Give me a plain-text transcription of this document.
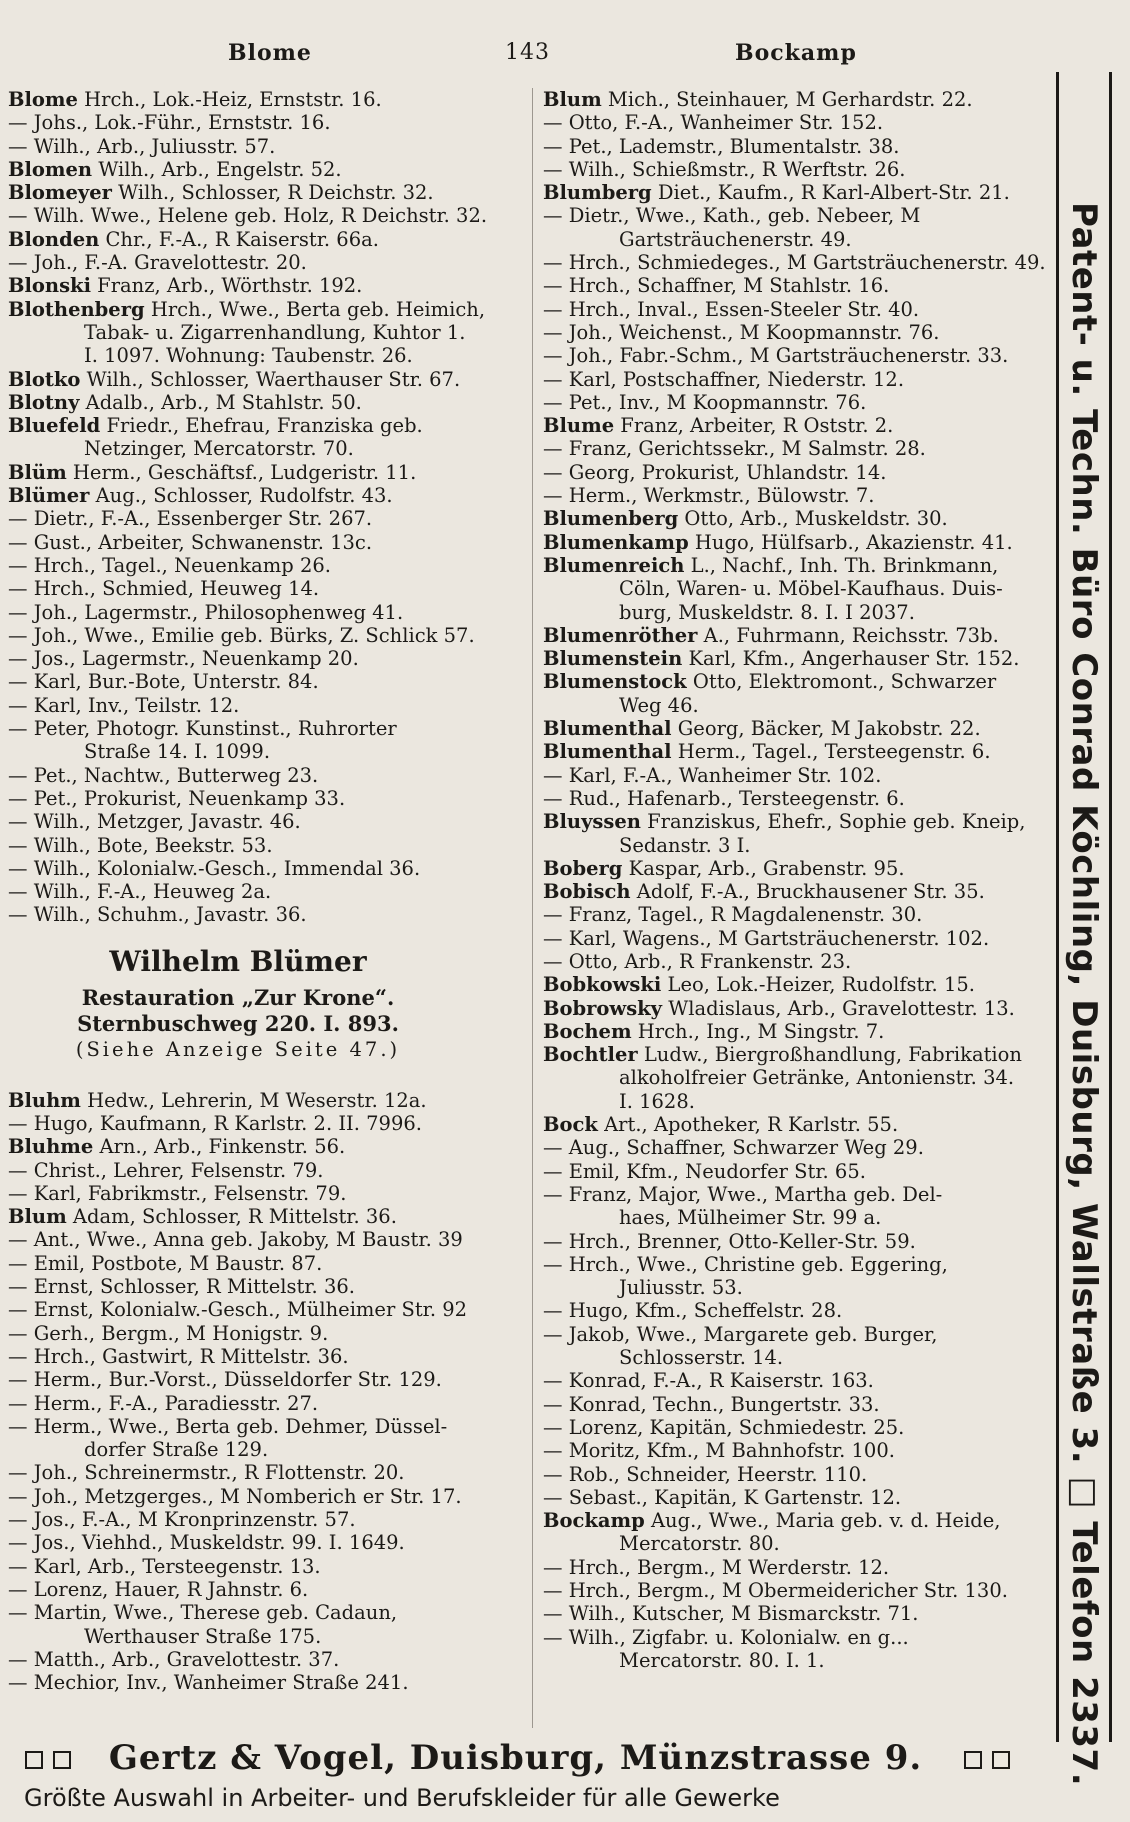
Blome	143	Bockamp
Blome Hrch., Lok.-Heiz, Ernststr. 16.
— Johs., Lok.-Führ., Ernststr. 16.
— Wilh., Arb., Juliusstr. 57.
Blomen Wilh., Arb., Engelstr. 52.
Blomeyer Wilh., Schlosser, R Deichstr. 32.
— Wilh. Wwe., Helene geb. Holz, R Deichstr. 32.
Blonden Chr., F.-A., R Kaiserstr. 66a.
— Joh., F.-A. Gravelottestr. 20.
Blonski Franz, Arb., Wörthstr. 192.
Blothenberg Hrch., Wwe., Berta geb. Heimich,
Tabak- u. Zigarrenhandlung, Kuhtor 1.
I. 1097. Wohnung: Taubenstr. 26.
Blotko Wilh., Schlosser, Waerthauser Str. 67.
Blotny Adalb., Arb., M Stahlstr. 50.
Bluefeld Friedr., Ehefrau, Franziska geb.
Netzinger, Mercatorstr. 70.
Blüm Herm., Geschäftsf., Ludgeristr. 11.
Blümer Aug., Schlosser, Rudolfstr. 43.
— Dietr., F.-A., Essenberger Str. 267.
— Gust., Arbeiter, Schwanenstr. 13c.
— Hrch., Tagel., Neuenkamp 26.
— Hrch., Schmied, Heuweg 14.
— Joh., Lagermstr., Philosophenweg 41.
— Joh., Wwe., Emilie geb. Bürks, Z. Schlick 57.
— Jos., Lagermstr., Neuenkamp 20.
— Karl, Bur.-Bote, Unterstr. 84.
— Karl, Inv., Teilstr. 12.
— Peter, Photogr. Kunstinst., Ruhrorter
Straße 14. I. 1099.
— Pet., Nachtw., Butterweg 23.
— Pet., Prokurist, Neuenkamp 33.
— Wilh., Metzger, Javastr. 46.
— Wilh., Bote, Beekstr. 53.
— Wilh., Kolonialw.-Gesch., Immendal 36.
— Wilh., F.-A., Heuweg 2a.
— Wilh., Schuhm., Javastr. 36.
Wilhelm Blümer
Restauration „Zur Krone“.
Sternbuschweg 220. I. 893.
(Siehe Anzeige Seite 47.)
Bluhm Hedw., Lehrerin, M Weserstr. 12a.
— Hugo, Kaufmann, R Karlstr. 2. II. 7996.
Bluhme Arn., Arb., Finkenstr. 56.
— Christ., Lehrer, Felsenstr. 79.
— Karl, Fabrikmstr., Felsenstr. 79.
Blum Adam, Schlosser, R Mittelstr. 36.
— Ant., Wwe., Anna geb. Jakoby, M Baustr. 39
— Emil, Postbote, M Baustr. 87.
— Ernst, Schlosser, R Mittelstr. 36.
— Ernst, Kolonialw.-Gesch., Mülheimer Str. 92
— Gerh., Bergm., M Honigstr. 9.
— Hrch., Gastwirt, R Mittelstr. 36.
— Herm., Bur.-Vorst., Düsseldorfer Str. 129.
— Herm., F.-A., Paradiesstr. 27.
— Herm., Wwe., Berta geb. Dehmer, Düssel-
dorfer Straße 129.
— Joh., Schreinermstr., R Flottenstr. 20.
— Joh., Metzgerges., M Nomberich er Str. 17.
— Jos., F.-A., M Kronprinzenstr. 57.
— Jos., Viehhd., Muskeldstr. 99. I. 1649.
— Karl, Arb., Tersteegenstr. 13.
— Lorenz, Hauer, R Jahnstr. 6.
— Martin, Wwe., Therese geb. Cadaun,
Werthauser Straße 175.
— Matth., Arb., Gravelottestr. 37.
— Mechior, Inv., Wanheimer Straße 241.
Blum Mich., Steinhauer, M Gerhardstr. 22.
— Otto, F.-A., Wanheimer Str. 152.
— Pet., Lademstr., Blumentalstr. 38.
— Wilh., Schießmstr., R Werftstr. 26.
Blumberg Diet., Kaufm., R Karl-Albert-Str. 21.
— Dietr., Wwe., Kath., geb. Nebeer, M
Gartsträuchenerstr. 49.
— Hrch., Schmiedeges., M Gartsträuchenerstr. 49.
— Hrch., Schaffner, M Stahlstr. 16.
— Hrch., Inval., Essen-Steeler Str. 40.
— Joh., Weichenst., M Koopmannstr. 76.
— Joh., Fabr.-Schm., M Gartsträuchenerstr. 33.
— Karl, Postschaffner, Niederstr. 12.
— Pet., Inv., M Koopmannstr. 76.
Blume Franz, Arbeiter, R Oststr. 2.
— Franz, Gerichtssekr., M Salmstr. 28.
— Georg, Prokurist, Uhlandstr. 14.
— Herm., Werkmstr., Bülowstr. 7.
Blumenberg Otto, Arb., Muskeldstr. 30.
Blumenkamp Hugo, Hülfsarb., Akazienstr. 41.
Blumenreich L., Nachf., Inh. Th. Brinkmann,
Cöln, Waren- u. Möbel-Kaufhaus. Duis-
burg, Muskeldstr. 8. I. I 2037.
Blumenröther A., Fuhrmann, Reichsstr. 73b.
Blumenstein Karl, Kfm., Angerhauser Str. 152.
Blumenstock Otto, Elektromont., Schwarzer
Weg 46.
Blumenthal Georg, Bäcker, M Jakobstr. 22.
Blumenthal Herm., Tagel., Tersteegenstr. 6.
— Karl, F.-A., Wanheimer Str. 102.
— Rud., Hafenarb., Tersteegenstr. 6.
Bluyssen Franziskus, Ehefr., Sophie geb. Kneip,
Sedanstr. 3 I.
Boberg Kaspar, Arb., Grabenstr. 95.
Bobisch Adolf, F.-A., Bruckhausener Str. 35.
— Franz, Tagel., R Magdalenenstr. 30.
— Karl, Wagens., M Gartsträuchenerstr. 102.
— Otto, Arb., R Frankenstr. 23.
Bobkowski Leo, Lok.-Heizer, Rudolfstr. 15.
Bobrowsky Wladislaus, Arb., Gravelottestr. 13.
Bochem Hrch., Ing., M Singstr. 7.
Bochtler Ludw., Biergroßhandlung, Fabrikation
alkoholfreier Getränke, Antonienstr. 34.
I. 1628.
Bock Art., Apotheker, R Karlstr. 55.
— Aug., Schaffner, Schwarzer Weg 29.
— Emil, Kfm., Neudorfer Str. 65.
— Franz, Major, Wwe., Martha geb. Del-
haes, Mülheimer Str. 99 a.
— Hrch., Brenner, Otto-Keller-Str. 59.
— Hrch., Wwe., Christine geb. Eggering,
Juliusstr. 53.
— Hugo, Kfm., Scheffelstr. 28.
— Jakob, Wwe., Margarete geb. Burger,
Schlosserstr. 14.
— Konrad, F.-A., R Kaiserstr. 163.
— Konrad, Techn., Bungertstr. 33.
— Lorenz, Kapitän, Schmiedestr. 25.
— Moritz, Kfm., M Bahnhofstr. 100.
— Rob., Schneider, Heerstr. 110.
— Sebast., Kapitän, K Gartenstr. 12.
Bockamp Aug., Wwe., Maria geb. v. d. Heide,
Mercatorstr. 80.
— Hrch., Bergm., M Werderstr. 12.
— Hrch., Bergm., M Obermeidericher Str. 130.
— Wilh., Kutscher, M Bismarckstr. 71.
— Wilh., Zigfabr. u. Kolonialw. en g...
Mercatorstr. 80. I. 1.	Patent- u. Techn. Büro Conrad Köchling, Duisburg, Wallstraße 3. □ Telefon 2337.
Gertz & Vogel, Duisburg, Münzstrasse 9.
Größte Auswahl in Arbeiter- und Berufskleider für alle Gewerke
